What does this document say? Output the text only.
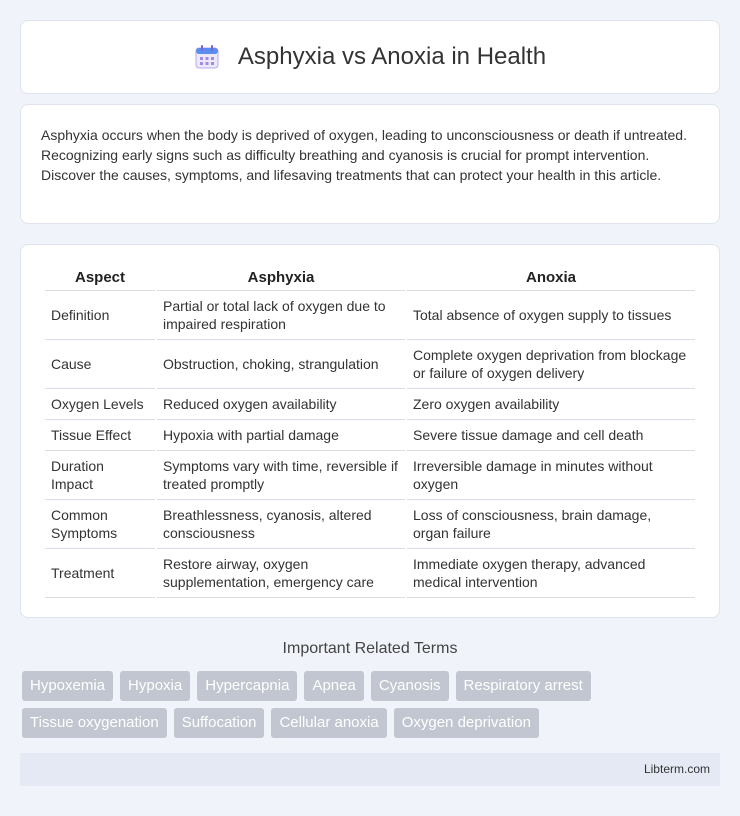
Asphyxia vs Anoxia in Health

Asphyxia occurs when the body is deprived of oxygen, leading to unconsciousness or death if untreated. Recognizing early signs such as difficulty breathing and cyanosis is crucial for prompt intervention. Discover the causes, symptoms, and lifesaving treatments that can protect your health in this article.

Aspect	Asphyxia	Anoxia
Definition	Partial or total lack of oxygen due to impaired respiration	Total absence of oxygen supply to tissues
Cause	Obstruction, choking, strangulation	Complete oxygen deprivation from blockage or failure of oxygen delivery
Oxygen Levels	Reduced oxygen availability	Zero oxygen availability
Tissue Effect	Hypoxia with partial damage	Severe tissue damage and cell death
Duration Impact	Symptoms vary with time, reversible if treated promptly	Irreversible damage in minutes without oxygen
Common Symptoms	Breathlessness, cyanosis, altered consciousness	Loss of consciousness, brain damage, organ failure
Treatment	Restore airway, oxygen supplementation, emergency care	Immediate oxygen therapy, advanced medical intervention
Important Related Terms
Hypoxemia	Hypoxia	Hypercapnia	Apnea	Cyanosis	Respiratory arrest
Tissue oxygenation	Suffocation	Cellular anoxia	Oxygen deprivation
Libterm.com
